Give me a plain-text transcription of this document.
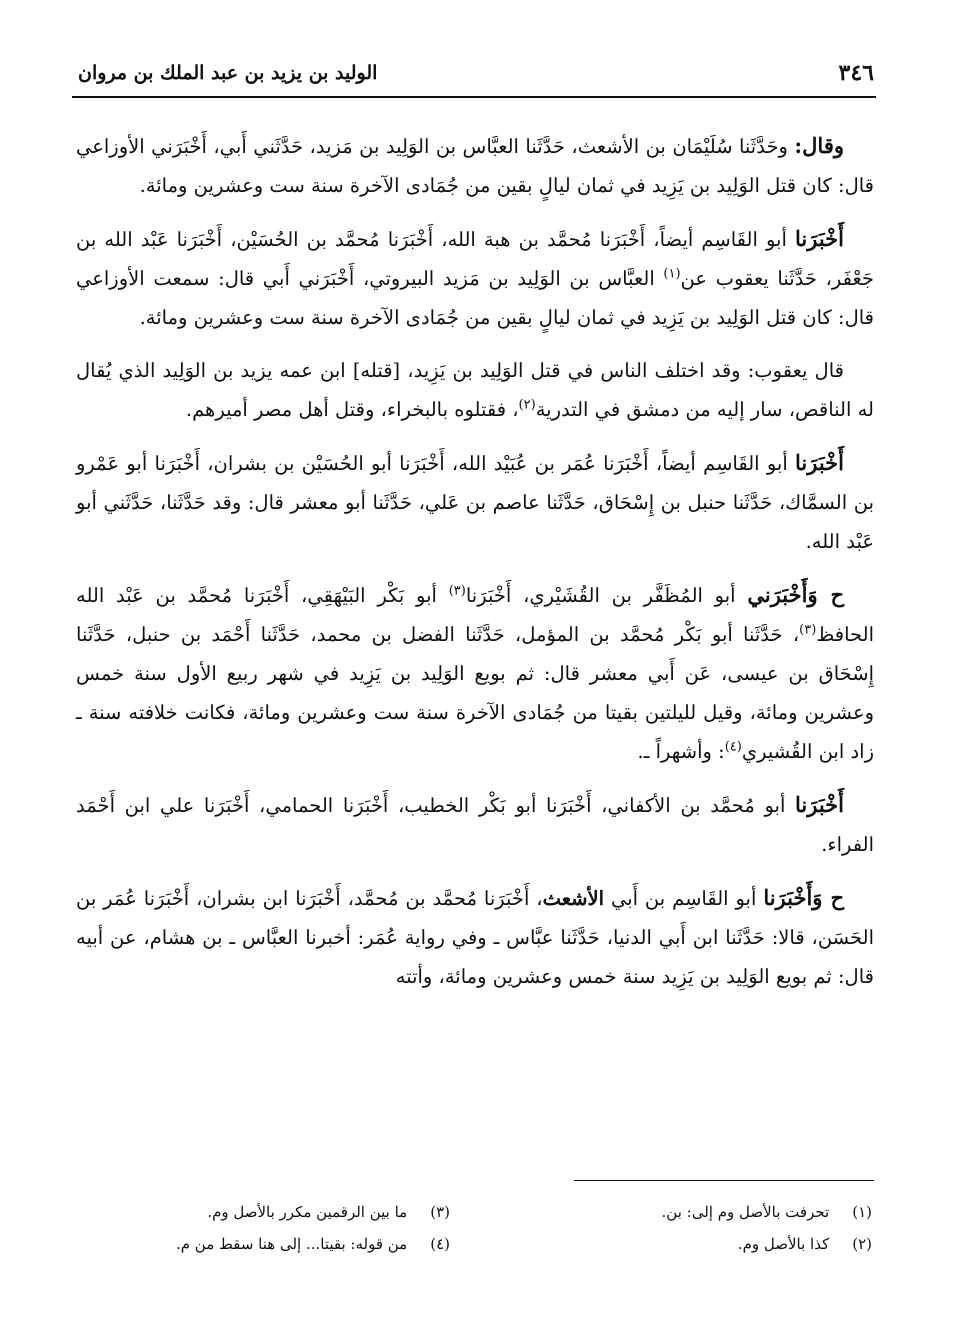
٣٤٦
الوليد بن يزيد بن عبد الملك بن مروان

وقال: وحَدَّثَنا سُلَيْمَان بن الأشعث، حَدَّثَنا العبَّاس بن الوَلِيد بن مَزيد، حَدَّثَني أَبي، أَخْبَرَني الأوزاعي قال: كان قتل الوَلِيد بن يَزِيد في ثمان ليالٍ بقين من جُمَادى الآخرة سنة ست وعشرين ومائة.

أَخْبَرَنا أبو القَاسِم أيضاً، أَخْبَرَنا مُحمَّد بن هبة الله، أَخْبَرَنا مُحمَّد بن الحُسَيْن، أَخْبَرَنا عَبْد الله بن جَعْفَر، حَدَّثَنا يعقوب عن$^{(١)}$ العبَّاس بن الوَلِيد بن مَزيد البيروتي، أَخْبَرَني أَبي قال: سمعت الأوزاعي قال: كان قتل الوَلِيد بن يَزِيد في ثمان ليالٍ بقين من جُمَادى الآخرة سنة ست وعشرين ومائة.

قال يعقوب: وقد اختلف الناس في قتل الوَلِيد بن يَزِيد، [قتله] ابن عمه يزيد بن الوَلِيد الذي يُقال له الناقص، سار إليه من دمشق في التدرية$^{(٢)}$، فقتلوه بالبخراء، وقتل أهل مصر أميرهم.

أَخْبَرَنا أبو القَاسِم أيضاً، أَخْبَرَنا عُمَر بن عُبَيْد الله، أَخْبَرَنا أبو الحُسَيْن بن بشران، أَخْبَرَنا أبو عَمْرو بن السمَّاك، حَدَّثَنا حنبل بن إِسْحَاق، حَدَّثَنا عاصم بن عَلي، حَدَّثَنا أبو معشر قال: وقد حَدَّثَنا، حَدَّثَني أبو عَبْد الله.

ح وَأَخْبَرَني أبو المُظَفَّر بن القُشَيْري، أَخْبَرَنا$^{(٣)}$ أبو بَكْر البَيْهَقِي، أَخْبَرَنا مُحمَّد بن عَبْد الله الحافظ$^{(٣)}$، حَدَّثَنا أبو بَكْر مُحمَّد بن المؤمل، حَدَّثَنا الفضل بن محمد، حَدَّثَنا أَحْمَد بن حنبل، حَدَّثَنا إِسْحَاق بن عيسى، عَن أَبي معشر قال: ثم بويع الوَلِيد بن يَزِيد في شهر ربيع الأول سنة خمس وعشرين ومائة، وقيل لليلتين بقيتا من جُمَادى الآخرة سنة ست وعشرين ومائة، فكانت خلافته سنة ـ زاد ابن القُشيري$^{(٤)}$: وأشهراً ـ.

أَخْبَرَنا أبو مُحمَّد بن الأكفاني، أَخْبَرَنا أبو بَكْر الخطيب، أَخْبَرَنا الحمامي، أَخْبَرَنا علي ابن أَحْمَد الفراء.

ح وَأَخْبَرَنا أبو القَاسِم بن أَبي الأشعث، أَخْبَرَنا مُحمَّد بن مُحمَّد، أَخْبَرَنا ابن بشران، أَخْبَرَنا عُمَر بن الحَسَن، قالا: حَدَّثَنا ابن أَبي الدنيا، حَدَّثَنا عبَّاس ـ وفي رواية عُمَر: أخبرنا العبَّاس ـ بن هشام، عن أبيه قال: ثم بويع الوَلِيد بن يَزِيد سنة خمس وعشرين ومائة، وأتته

(١) تحرفت بالأصل وم إلى: بن.
(٢) كذا بالأصل وم.
(٣) ما بين الرقمين مكرر بالأصل وم.
(٤) من قوله: بقيتا... إلى هنا سقط من م.
